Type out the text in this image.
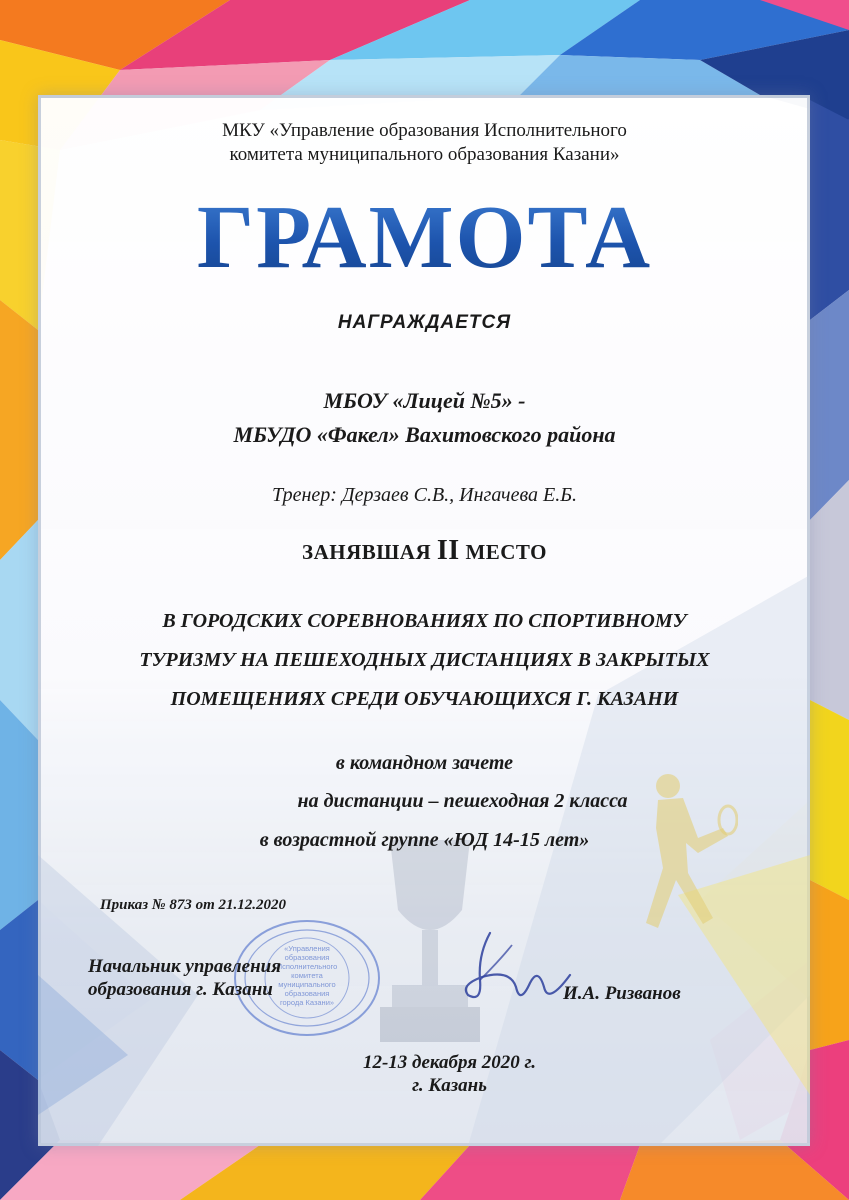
МКУ «Управление образования Исполнительного
комитета муниципального образования Казани»
ГРАМОТА
НАГРАЖДАЕТСЯ
МБОУ «Лицей №5» -
МБУДО «Факел» Вахитовского района
Тренер: Дерзаев С.В., Ингачева Е.Б.
ЗАНЯВШАЯ II МЕСТО
В ГОРОДСКИХ СОРЕВНОВАНИЯХ ПО СПОРТИВНОМУ
ТУРИЗМУ НА ПЕШЕХОДНЫХ ДИСТАНЦИЯХ В ЗАКРЫТЫХ
ПОМЕЩЕНИЯХ СРЕДИ ОБУЧАЮЩИХСЯ Г. КАЗАНИ
в командном зачете
на дистанции – пешеходная 2 класса
в возрастной группе «ЮД 14-15 лет»
Приказ № 873 от 21.12.2020
«Управления
образования
Исполнительного
комитета
муниципального
образования
города Казани»
Начальник управления
образования г. Казани	И.А. Ризванов
12-13 декабря 2020 г.
г. Казань
